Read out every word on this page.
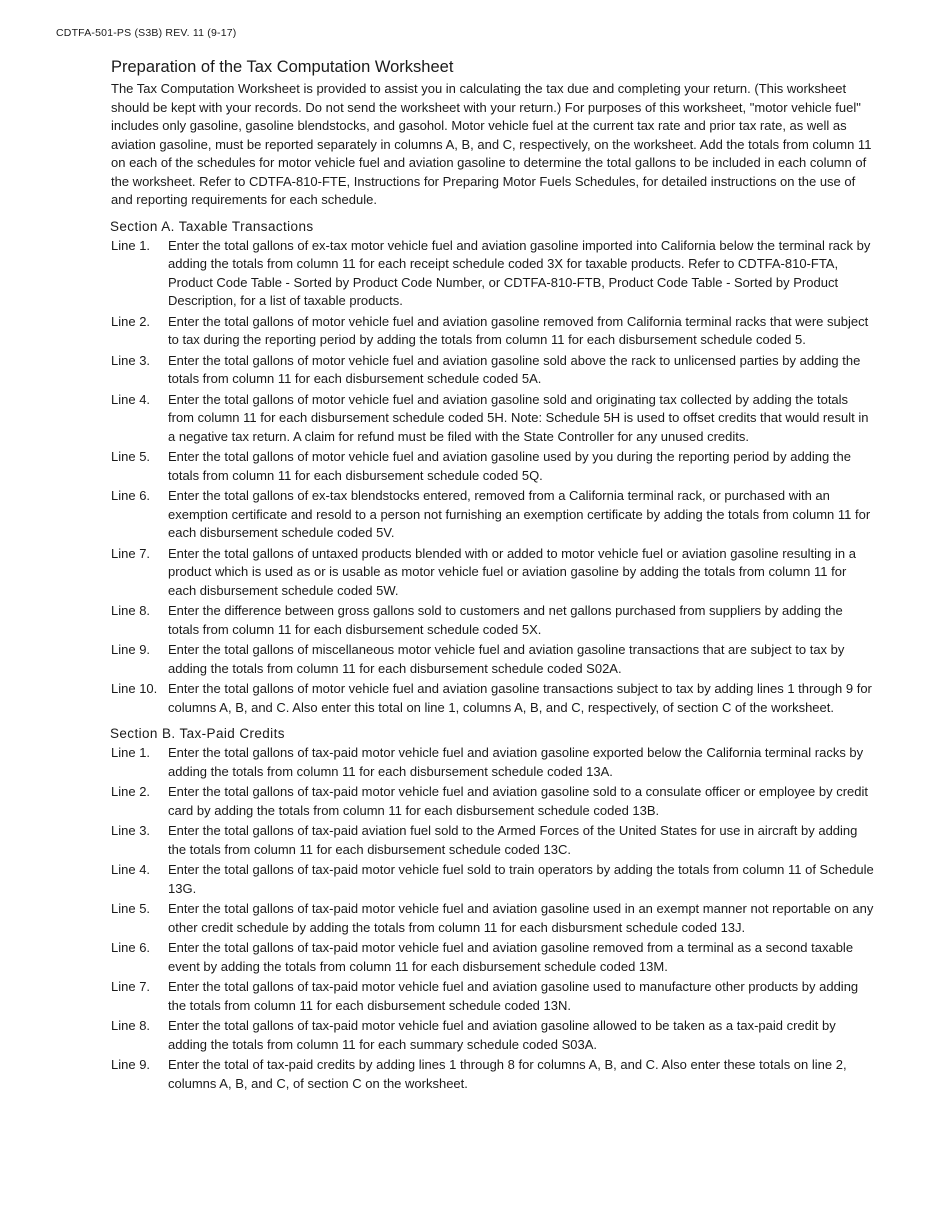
CDTFA-501-PS (S3B) REV. 11 (9-17)
Preparation of the Tax Computation Worksheet

The Tax Computation Worksheet is provided to assist you in calculating the tax due and completing your return. (This worksheet should be kept with your records. Do not send the worksheet with your return.) For purposes of this worksheet, "motor vehicle fuel" includes only gasoline, gasoline blendstocks, and gasohol. Motor vehicle fuel at the current tax rate and prior tax rate, as well as aviation gasoline, must be reported separately in columns A, B, and C, respectively, on the worksheet. Add the totals from column 11 on each of the schedules for motor vehicle fuel and aviation gasoline to determine the total gallons to be included in each column of the worksheet. Refer to CDTFA-810-FTE, Instructions for Preparing Motor Fuels Schedules, for detailed instructions on the use of and reporting requirements for each schedule.

Section A. Taxable Transactions
Line 1.	Enter the total gallons of ex-tax motor vehicle fuel and aviation gasoline imported into California below the terminal rack by adding the totals from column 11 for each receipt schedule coded 3X for taxable products. Refer to CDTFA-810-FTA, Product Code Table - Sorted by Product Code Number, or CDTFA-810-FTB, Product Code Table - Sorted by Product Description, for a list of taxable products.
Line 2.	Enter the total gallons of motor vehicle fuel and aviation gasoline removed from California terminal racks that were subject to tax during the reporting period by adding the totals from column 11 for each disbursement schedule coded 5.
Line 3.	Enter the total gallons of motor vehicle fuel and aviation gasoline sold above the rack to unlicensed parties by adding the totals from column 11 for each disbursement schedule coded 5A.
Line 4.	Enter the total gallons of motor vehicle fuel and aviation gasoline sold and originating tax collected by adding the totals from column 11 for each disbursement schedule coded 5H. Note: Schedule 5H is used to offset credits that would result in a negative tax return. A claim for refund must be filed with the State Controller for any unused credits.
Line 5.	Enter the total gallons of motor vehicle fuel and aviation gasoline used by you during the reporting period by adding the totals from column 11 for each disbursement schedule coded 5Q.
Line 6.	Enter the total gallons of ex-tax blendstocks entered, removed from a California terminal rack, or purchased with an exemption certificate and resold to a person not furnishing an exemption certificate by adding the totals from column 11 for each disbursement schedule coded 5V.
Line 7.	Enter the total gallons of untaxed products blended with or added to motor vehicle fuel or aviation gasoline resulting in a product which is used as or is usable as motor vehicle fuel or aviation gasoline by adding the totals from column 11 for each disbursement schedule coded 5W.
Line 8.	Enter the difference between gross gallons sold to customers and net gallons purchased from suppliers by adding the totals from column 11 for each disbursement schedule coded 5X.
Line 9.	Enter the total gallons of miscellaneous motor vehicle fuel and aviation gasoline transactions that are subject to tax by adding the totals from column 11 for each disbursement schedule coded S02A.
Line 10. Enter the total gallons of motor vehicle fuel and aviation gasoline transactions subject to tax by adding lines 1 through 9 for columns A, B, and C. Also enter this total on line 1, columns A, B, and C, respectively, of section C of the worksheet.
Section B. Tax-Paid Credits
Line 1.	Enter the total gallons of tax-paid motor vehicle fuel and aviation gasoline exported below the California terminal racks by adding the totals from column 11 for each disbursement schedule coded 13A.
Line 2.	Enter the total gallons of tax-paid motor vehicle fuel and aviation gasoline sold to a consulate officer or employee by credit card by adding the totals from column 11 for each disbursement schedule coded 13B.
Line 3.	Enter the total gallons of tax-paid aviation fuel sold to the Armed Forces of the United States for use in aircraft by adding the totals from column 11 for each disbursement schedule coded 13C.
Line 4.	Enter the total gallons of tax-paid motor vehicle fuel sold to train operators by adding the totals from column 11 of Schedule 13G.
Line 5.	Enter the total gallons of tax-paid motor vehicle fuel and aviation gasoline used in an exempt manner not reportable on any other credit schedule by adding the totals from column 11 for each disbursment schedule coded 13J.
Line 6.	Enter the total gallons of tax-paid motor vehicle fuel and aviation gasoline removed from a terminal as a second taxable event by adding the totals from column 11 for each disbursement schedule coded 13M.
Line 7.	Enter the total gallons of tax-paid motor vehicle fuel and aviation gasoline used to manufacture other products by adding the totals from column 11 for each disbursement schedule coded 13N.
Line 8.	Enter the total gallons of tax-paid motor vehicle fuel and aviation gasoline allowed to be taken as a tax-paid credit by adding the totals from column 11 for each summary schedule coded S03A.
Line 9.	Enter the total of tax-paid credits by adding lines 1 through 8 for columns A, B, and C. Also enter these totals on line 2, columns A, B, and C, of section C on the worksheet.
